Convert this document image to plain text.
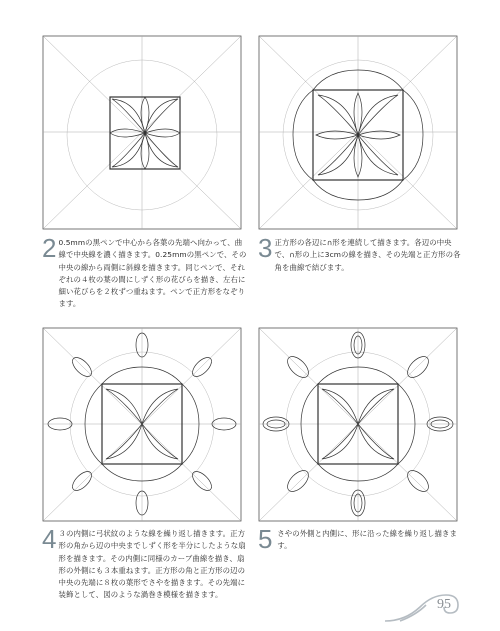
2 0.5mmの黒ペンで中心から各葉の先端へ向かって、曲線で中央線を濃く描きます。0.25mmの黒ペンで、その中央の線から両側に斜線を描きます。同じペンで、それぞれの４枚の葉の間にしずく形の花びらを描き、左右に細い花びらを２枚ずつ重ねます。ペンで正方形をなぞります。
3 正方形の各辺に∩形を連続して描きます。各辺の中央で、∩形の上に3cmの線を描き、その先端と正方形の各角を曲線で結びます。
4 ３の内側に弓状紋のような線を繰り返し描きます。正方形の角から辺の中央までしずく形を半分にしたような扇形を描きます。その内側に同様のカーブ曲線を描き、扇形の外側にも３本重ねます。正方形の角と正方形の辺の中央の先端に８枚の葉形でさやを描きます。その先端に装飾として、図のような渦巻き模様を描きます。
5 さやの外側と内側に、形に沿った線を繰り返し描きます。
95
